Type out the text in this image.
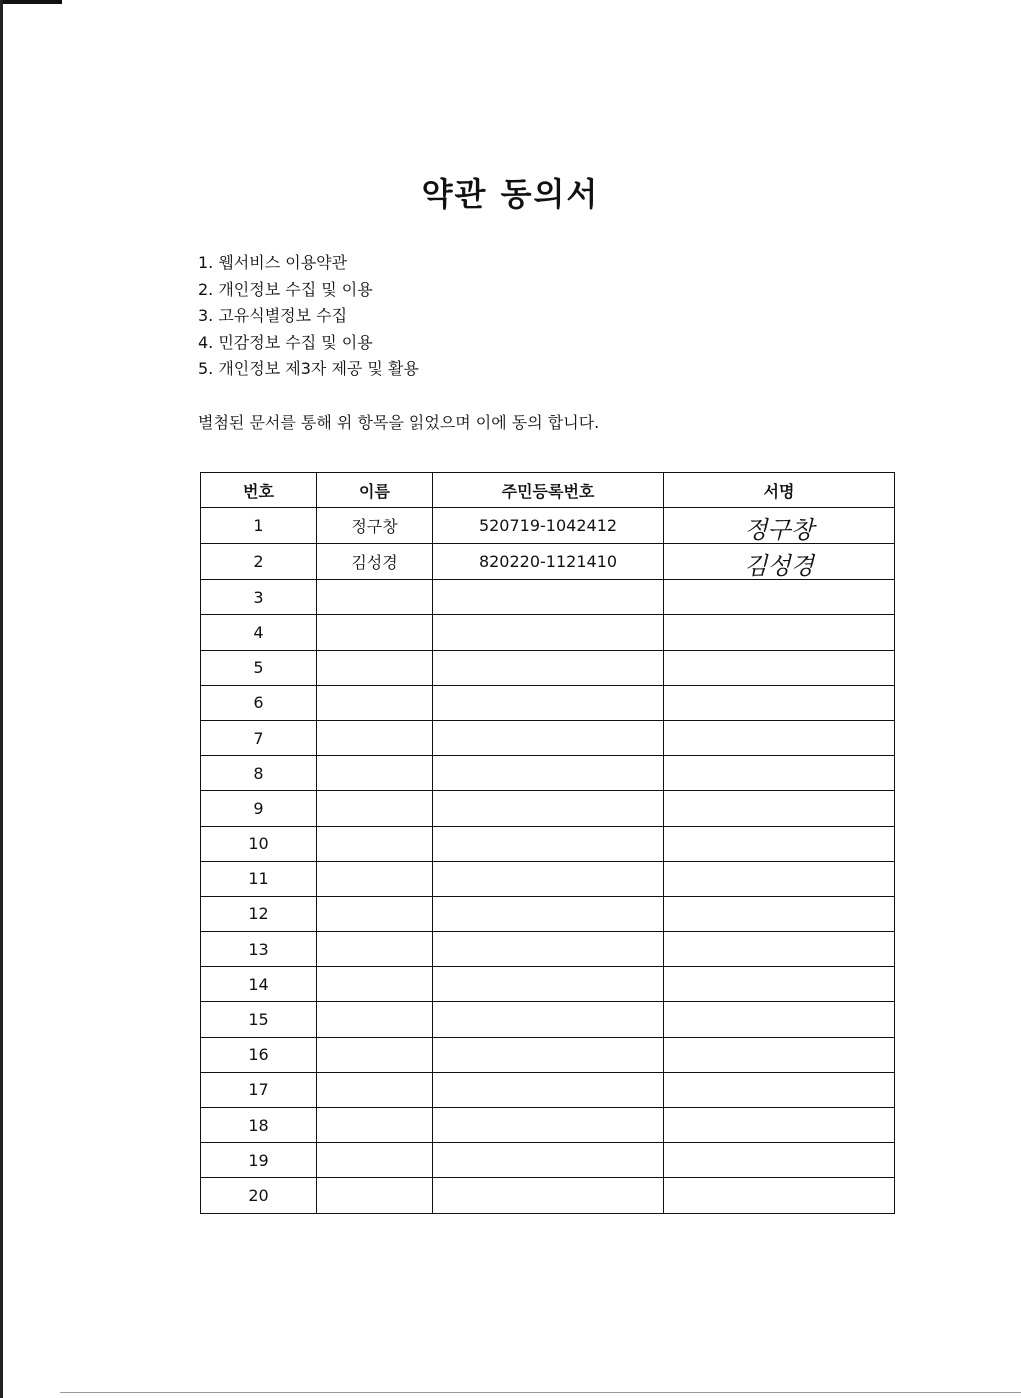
약관 동의서
1. 웹서비스 이용약관
2. 개인정보 수집 및 이용
3. 고유식별정보 수집
4. 민감정보 수집 및 이용
5. 개인정보 제3자 제공 및 활용
별첨된 문서를 통해 위 항목을 읽었으며 이에 동의 합니다.
번호	이름	주민등록번호	서명
1	정구창	520719-1042412	정구창
2	김성경	820220-1121410	김성경
3			
4			
5			
6			
7			
8			
9			
10			
11			
12			
13			
14			
15			
16			
17			
18			
19			
20			
